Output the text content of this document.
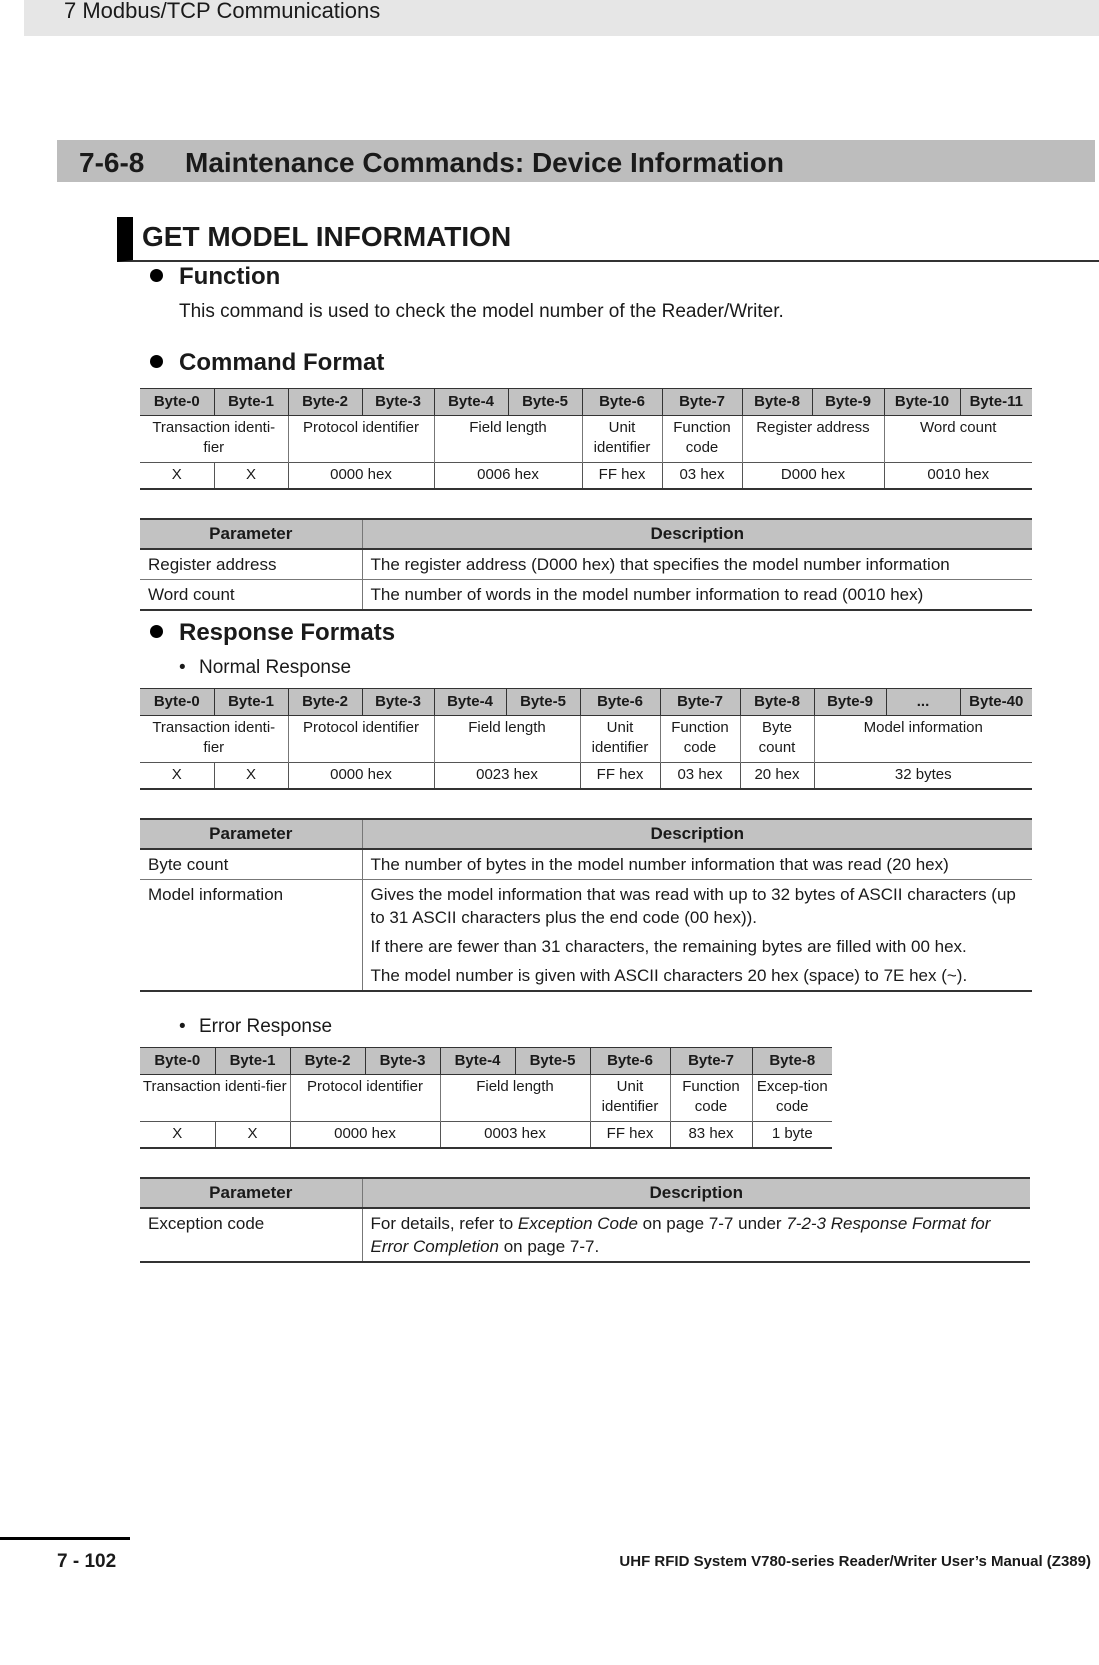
7 Modbus/TCP Communications
7-6-8 Maintenance Commands: Device Information
GET MODEL INFORMATION
Function
This command is used to check the model number of the Reader/Writer.
Command Format
Byte-0	Byte-1	Byte-2	Byte-3	Byte-4	Byte-5	Byte-6	Byte-7	Byte-8	Byte-9	Byte-10	Byte-11
Transaction identi-fier		Protocol identifier		Field length		Unit identifier	Function code	Register address		Word count	
X	X	0000 hex		0006 hex		FF hex	03 hex	D000 hex		0010 hex	
Parameter	Description
Register address	The register address (D000 hex) that specifies the model number information
Word count	The number of words in the model number information to read (0010 hex)
Response Formats
• Normal Response
Byte-0	Byte-1	Byte-2	Byte-3	Byte-4	Byte-5	Byte-6	Byte-7	Byte-8	Byte-9	...	Byte-40
Transaction identi-fier		Protocol identifier		Field length		Unit identifier	Function code	Byte count	Model information		
X	X	0000 hex		0023 hex		FF hex	03 hex	20 hex	32 bytes		
Parameter	Description
Byte count	The number of bytes in the model number information that was read (20 hex)
Model information	Gives the model information that was read with up to 32 bytes of ASCII characters (up to 31 ASCII characters plus the end code (00 hex)).

If there are fewer than 31 characters, the remaining bytes are filled with 00 hex.

The model number is given with ASCII characters 20 hex (space) to 7E hex (~).

• Error Response
Byte-0	Byte-1	Byte-2	Byte-3	Byte-4	Byte-5	Byte-6	Byte-7	Byte-8
Transaction identi-fier		Protocol identifier		Field length		Unit identifier	Function code	Excep-tion code
X	X	0000 hex		0003 hex		FF hex	83 hex	1 byte
Parameter	Description
Exception code	For details, refer to Exception Code on page 7-7 under 7-2-3 Response Format for Error Completion on page 7-7.
7 - 102	UHF RFID System V780-series Reader/Writer User’s Manual (Z389)
